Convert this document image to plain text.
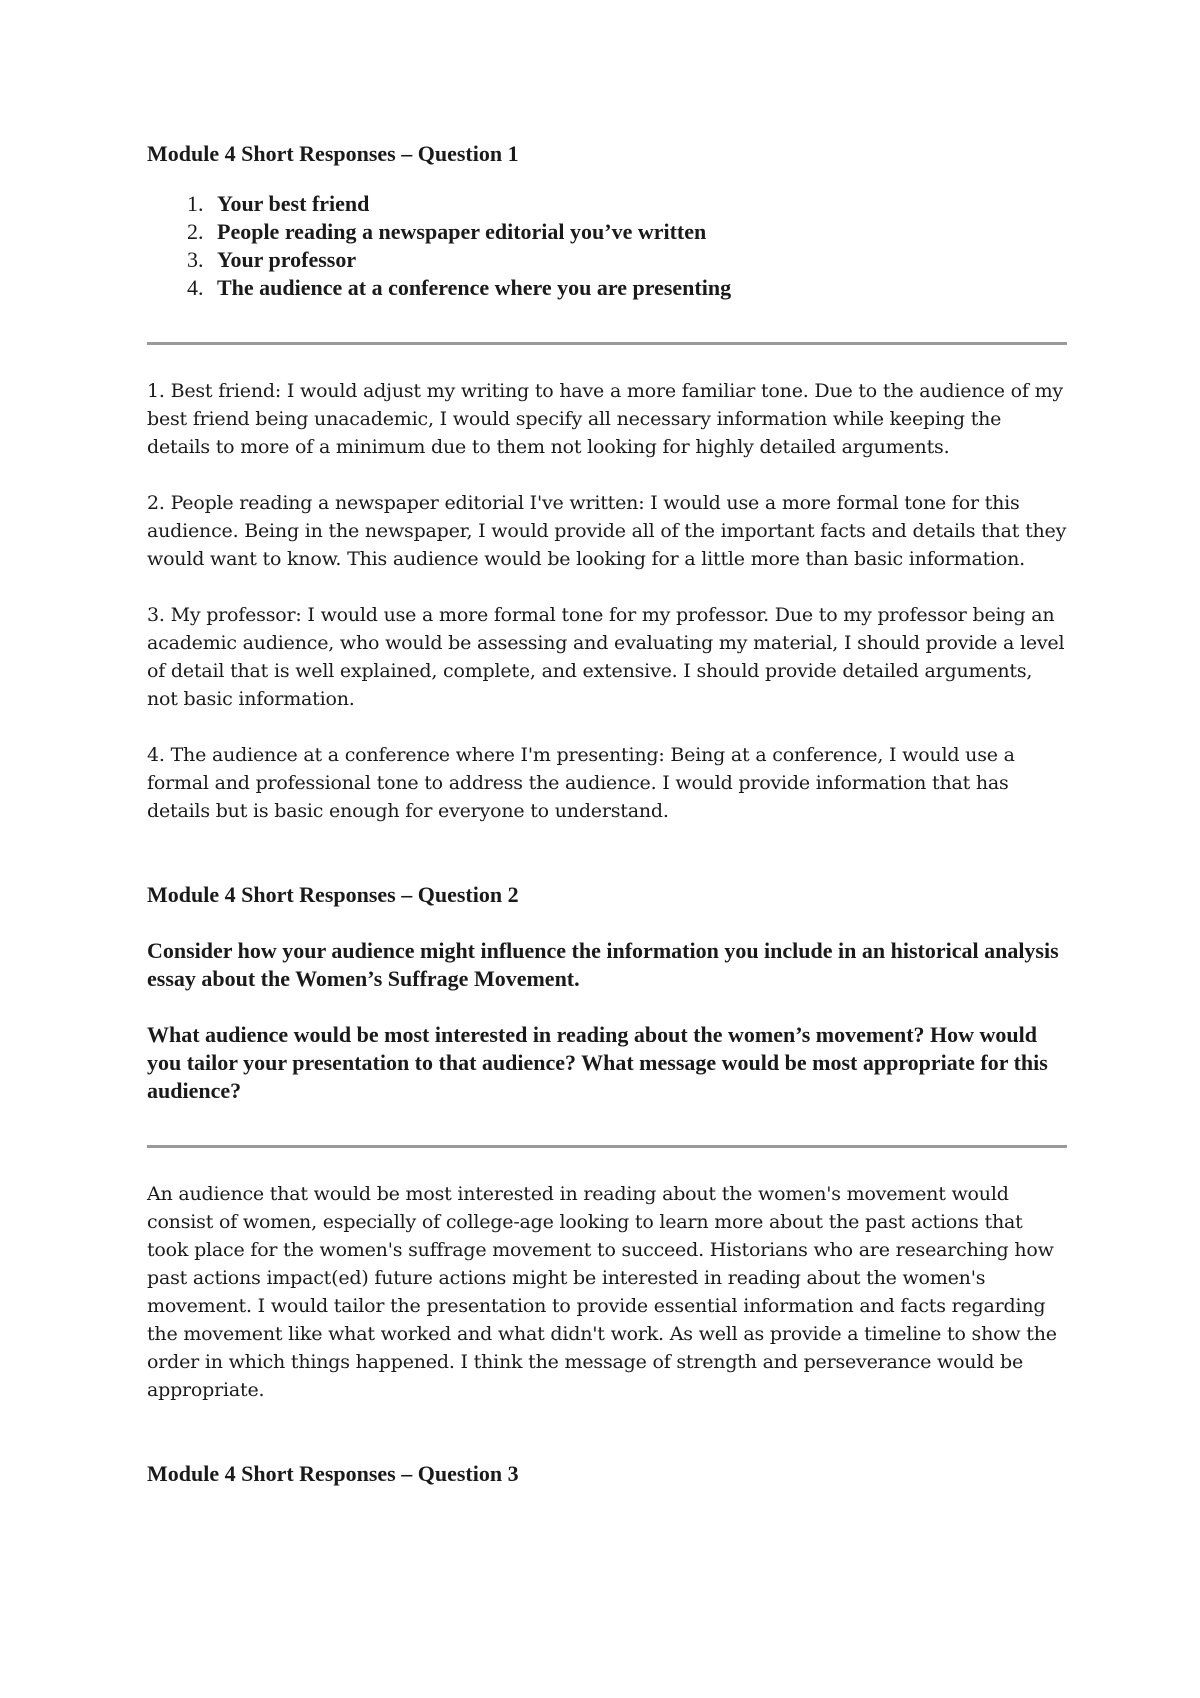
Module 4 Short Responses – Question 1
1. Your best friend
2. People reading a newspaper editorial you’ve written
3. Your professor
4. The audience at a conference where you are presenting

1. Best friend: I would adjust my writing to have a more familiar tone. Due to the audience of my best friend being unacademic, I would specify all necessary information while keeping the details to more of a minimum due to them not looking for highly detailed arguments.

2. People reading a newspaper editorial I've written: I would use a more formal tone for this audience. Being in the newspaper, I would provide all of the important facts and details that they would want to know. This audience would be looking for a little more than basic information.

3. My professor: I would use a more formal tone for my professor. Due to my professor being an academic audience, who would be assessing and evaluating my material, I should provide a level of detail that is well explained, complete, and extensive. I should provide detailed arguments, not basic information.

4. The audience at a conference where I'm presenting: Being at a conference, I would use a formal and professional tone to address the audience. I would provide information that has details but is basic enough for everyone to understand.

Module 4 Short Responses – Question 2

Consider how your audience might influence the information you include in an historical analysis essay about the Women’s Suffrage Movement.

What audience would be most interested in reading about the women’s movement? How would you tailor your presentation to that audience? What message would be most appropriate for this audience?

An audience that would be most interested in reading about the women's movement would consist of women, especially of college-age looking to learn more about the past actions that took place for the women's suffrage movement to succeed. Historians who are researching how past actions impact(ed) future actions might be interested in reading about the women's movement. I would tailor the presentation to provide essential information and facts regarding the movement like what worked and what didn't work. As well as provide a timeline to show the order in which things happened. I think the message of strength and perseverance would be appropriate.

Module 4 Short Responses – Question 3
